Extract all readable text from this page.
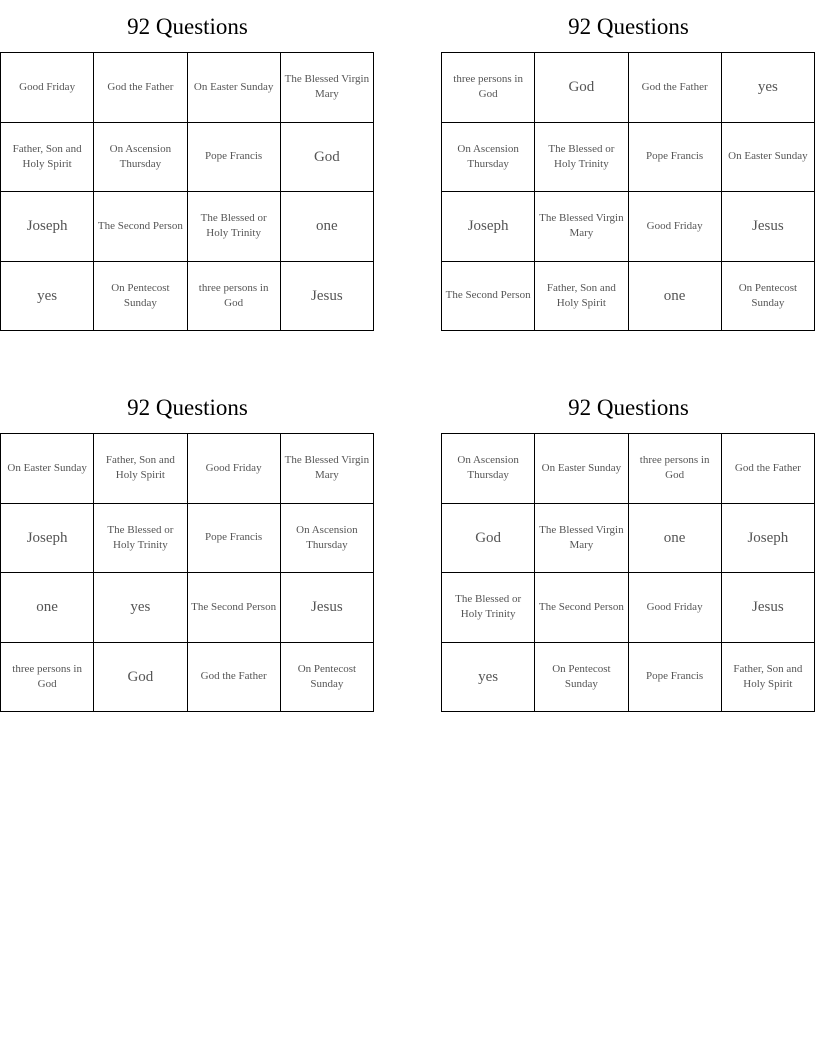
92 Questions
Good Friday	God the Father	On Easter Sunday	The Blessed Virgin Mary
Father, Son and Holy Spirit	On Ascension Thursday	Pope Francis	God
Joseph	The Second Person	The Blessed or Holy Trinity	one
yes	On Pentecost Sunday	three persons in God	Jesus
92 Questions
three persons in God	God	God the Father	yes
On Ascension Thursday	The Blessed or Holy Trinity	Pope Francis	On Easter Sunday
Joseph	The Blessed Virgin Mary	Good Friday	Jesus
The Second Person	Father, Son and Holy Spirit	one	On Pentecost Sunday
92 Questions
On Easter Sunday	Father, Son and Holy Spirit	Good Friday	The Blessed Virgin Mary
Joseph	The Blessed or Holy Trinity	Pope Francis	On Ascension Thursday
one	yes	The Second Person	Jesus
three persons in God	God	God the Father	On Pentecost Sunday
92 Questions
On Ascension Thursday	On Easter Sunday	three persons in God	God the Father
God	The Blessed Virgin Mary	one	Joseph
The Blessed or Holy Trinity	The Second Person	Good Friday	Jesus
yes	On Pentecost Sunday	Pope Francis	Father, Son and Holy Spirit
